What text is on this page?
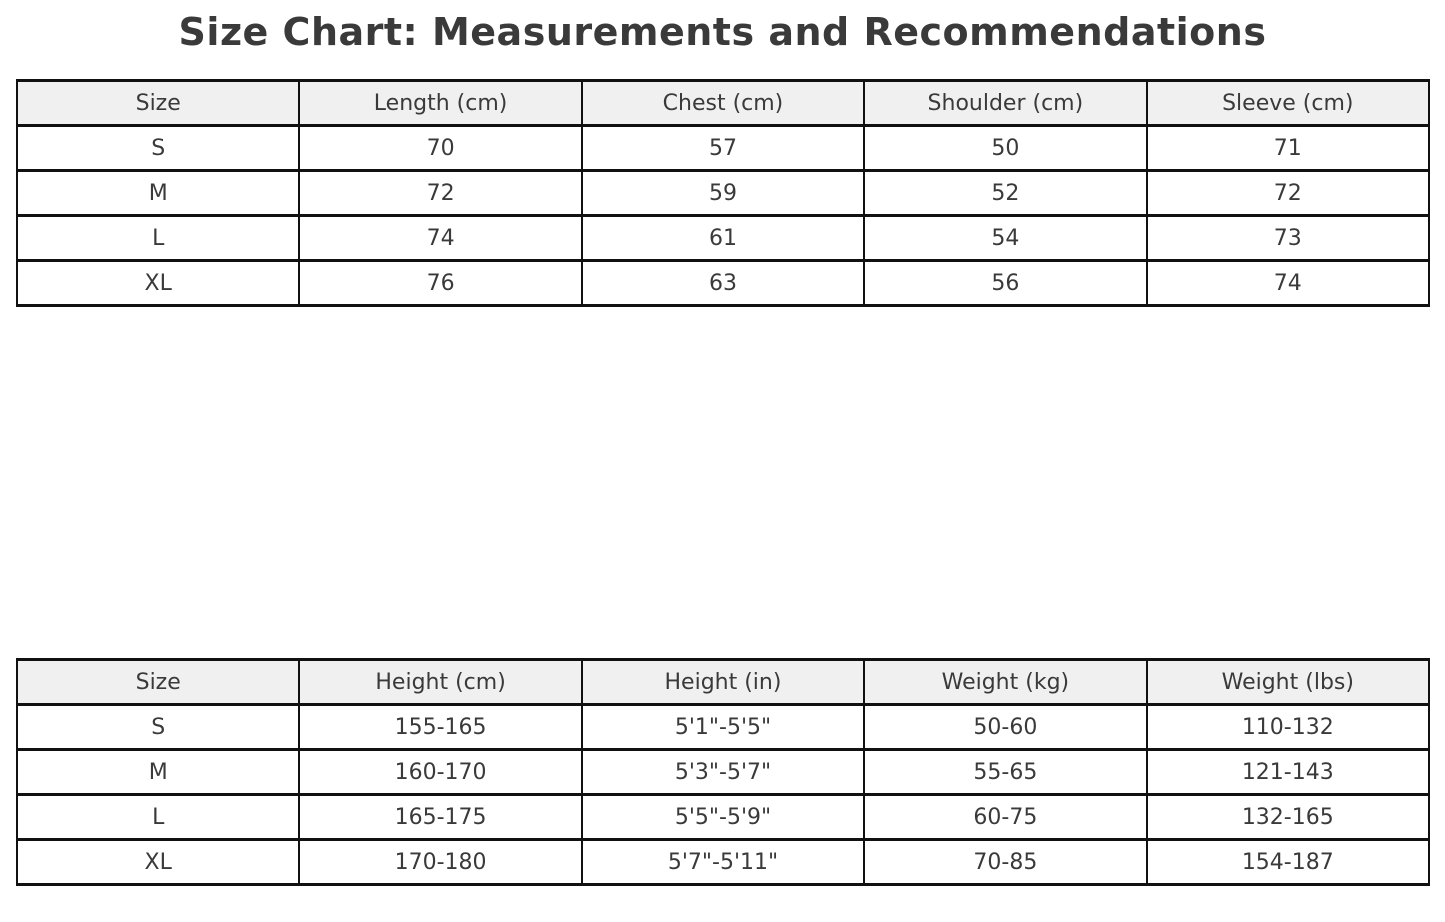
Size Chart: Measurements and Recommendations
Size	Length (cm)	Chest (cm)	Shoulder (cm)	Sleeve (cm)
S	70	57	50	71
M	72	59	52	72
L	74	61	54	73
XL	76	63	56	74
Size	Height (cm)	Height (in)	Weight (kg)	Weight (lbs)
S	155-165	5'1"-5'5"	50-60	110-132
M	160-170	5'3"-5'7"	55-65	121-143
L	165-175	5'5"-5'9"	60-75	132-165
XL	170-180	5'7"-5'11"	70-85	154-187
